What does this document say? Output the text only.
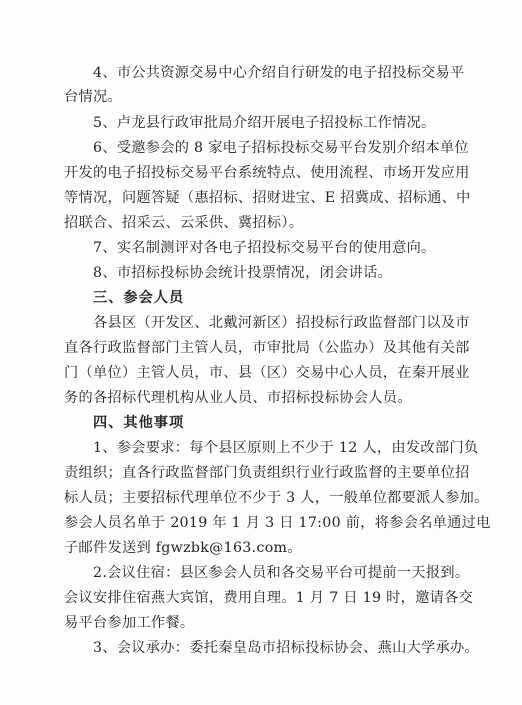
4、市公共资源交易中心介绍自行研发的电子招投标交易平
台情况。
5、卢龙县行政审批局介绍开展电子招投标工作情况。
6、受邀参会的 8 家电子招标投标交易平台发别介绍本单位
开发的电子招投标交易平台系统特点、使用流程、市场开发应用
等情况，问题答疑（惠招标、招财进宝、E 招冀成、招标通、中
招联合、招采云、云采供、冀招标）。
7、实名制测评对各电子招投标交易平台的使用意向。
8、市招标投标协会统计投票情况，闭会讲话。
三、参会人员
各县区（开发区、北戴河新区）招投标行政监督部门以及市
直各行政监督部门主管人员，市审批局（公监办）及其他有关部
门（单位）主管人员，市、县（区）交易中心人员，在秦开展业
务的各招标代理机构从业人员、市招标投标协会人员。
四、其他事项
1、参会要求：每个县区原则上不少于 12 人，由发改部门负
责组织；直各行政监督部门负责组织行业行政监督的主要单位招
标人员；主要招标代理单位不少于 3 人，一般单位都要派人参加。
参会人员名单于 2019 年 1 月 3 日 17:00 前，将参会名单通过电
子邮件发送到 fgwzbk@163.com。
2.会议住宿：县区参会人员和各交易平台可提前一天报到。
会议安排住宿燕大宾馆，费用自理。1 月 7 日 19 时，邀请各交
易平台参加工作餐。
3、会议承办：委托秦皇岛市招标投标协会、燕山大学承办。
